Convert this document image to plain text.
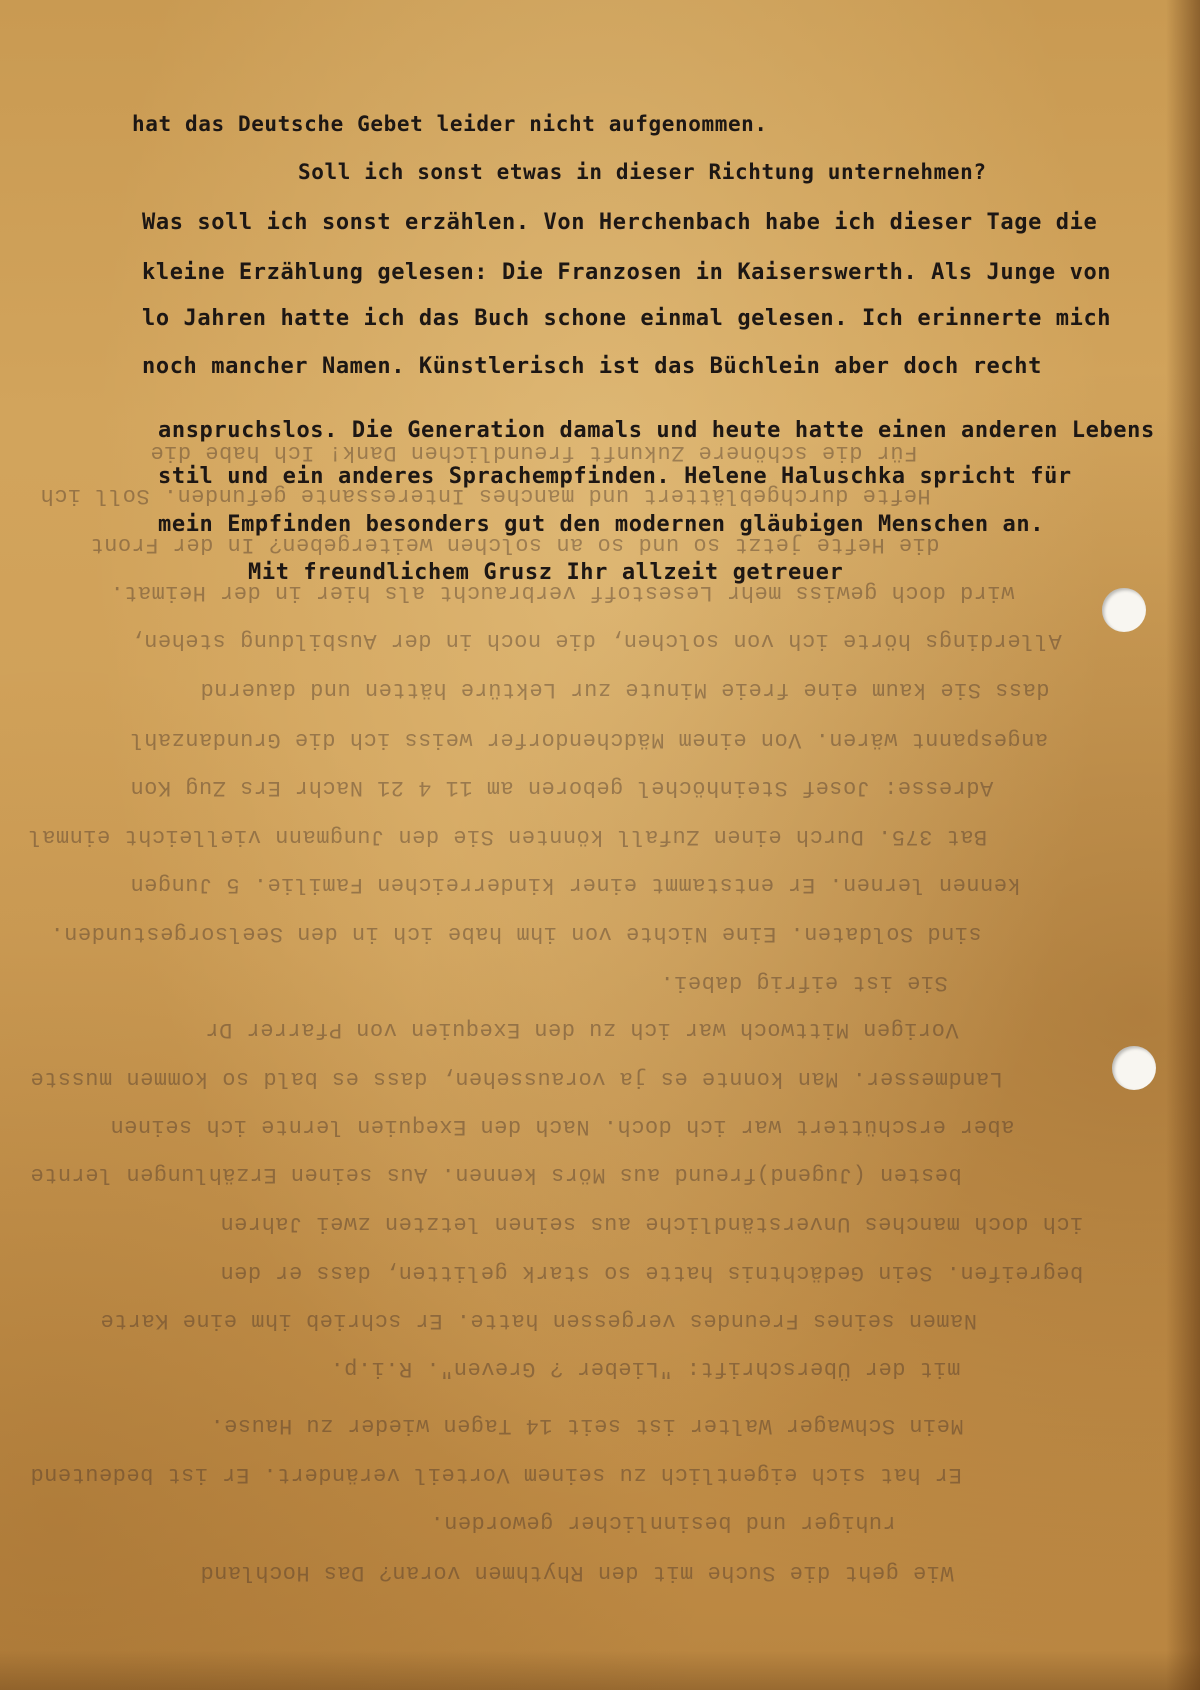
Für die schönere Zukunft freundlichen Dank! Ich habe die
Hefte durchgeblättert und manches Interessante gefunden. Soll ich
die Hefte jetzt so und so an solchen weitergeben? In der Front
wird doch gewiss mehr Lesestoff verbraucht als hier in der Heimat.
Allerdings hörte ich von solchen, die noch in der Ausbildung stehen,
dass Sie kaum eine freie Minute zur Lektüre hätten und dauernd
angespannt wären. Von einem Mädchendorfer weiss ich die Grundanzahl
Adresse: Josef Steinhöchel geboren am 11 4 21 Nachr Ers Zug Kon
Bat 375. Durch einen Zufall könnten Sie den Jungmann vielleicht einmal
kennen lernen. Er entstammt einer kinderreichen Familie. 5 Jungen
sind Soldaten. Eine Nichte von ihm habe ich in den Seelsorgestunden.
Sie ist eifrig dabei.
Vorigen Mittwoch war ich zu den Exequien von Pfarrer Dr
Landmesser. Man konnte es ja voraussehen, dass es bald so kommen musste
aber erschüttert war ich doch. Nach den Exequien lernte ich seinen
besten (Jugend)freund aus Mörs kennen. Aus seinen Erzählungen lernte
ich doch manches Unverständliche aus seinen letzten zwei Jahren
begreifen. Sein Gedächtnis hatte so stark gelitten, dass er den
Namen seines Freundes vergessen hatte. Er schrieb ihm eine Karte
mit der Überschrift: "Lieber ? Greven". R.i.p.
Mein Schwager Walter ist seit 14 Tagen wieder zu Hause.
Er hat sich eigentlich zu seinem Vorteil verändert. Er ist bedeutend
ruhiger und besinnlicher geworden.
Wie geht die Suche mit den Rhythmen voran? Das Hochland
hat das Deutsche Gebet leider nicht aufgenommen.
Soll ich sonst etwas in dieser Richtung unternehmen?
Was soll ich sonst erzählen. Von Herchenbach habe ich dieser Tage die
kleine Erzählung gelesen: Die Franzosen in Kaiserswerth. Als Junge von
lo Jahren hatte ich das Buch schone einmal gelesen. Ich erinnerte mich
noch mancher Namen. Künstlerisch ist das Büchlein aber doch recht
anspruchslos. Die Generation damals und heute hatte einen anderen Lebens
stil und ein anderes Sprachempfinden. Helene Haluschka spricht für
mein Empfinden besonders gut den modernen gläubigen Menschen an.
Mit freundlichem Grusz Ihr allzeit getreuer
